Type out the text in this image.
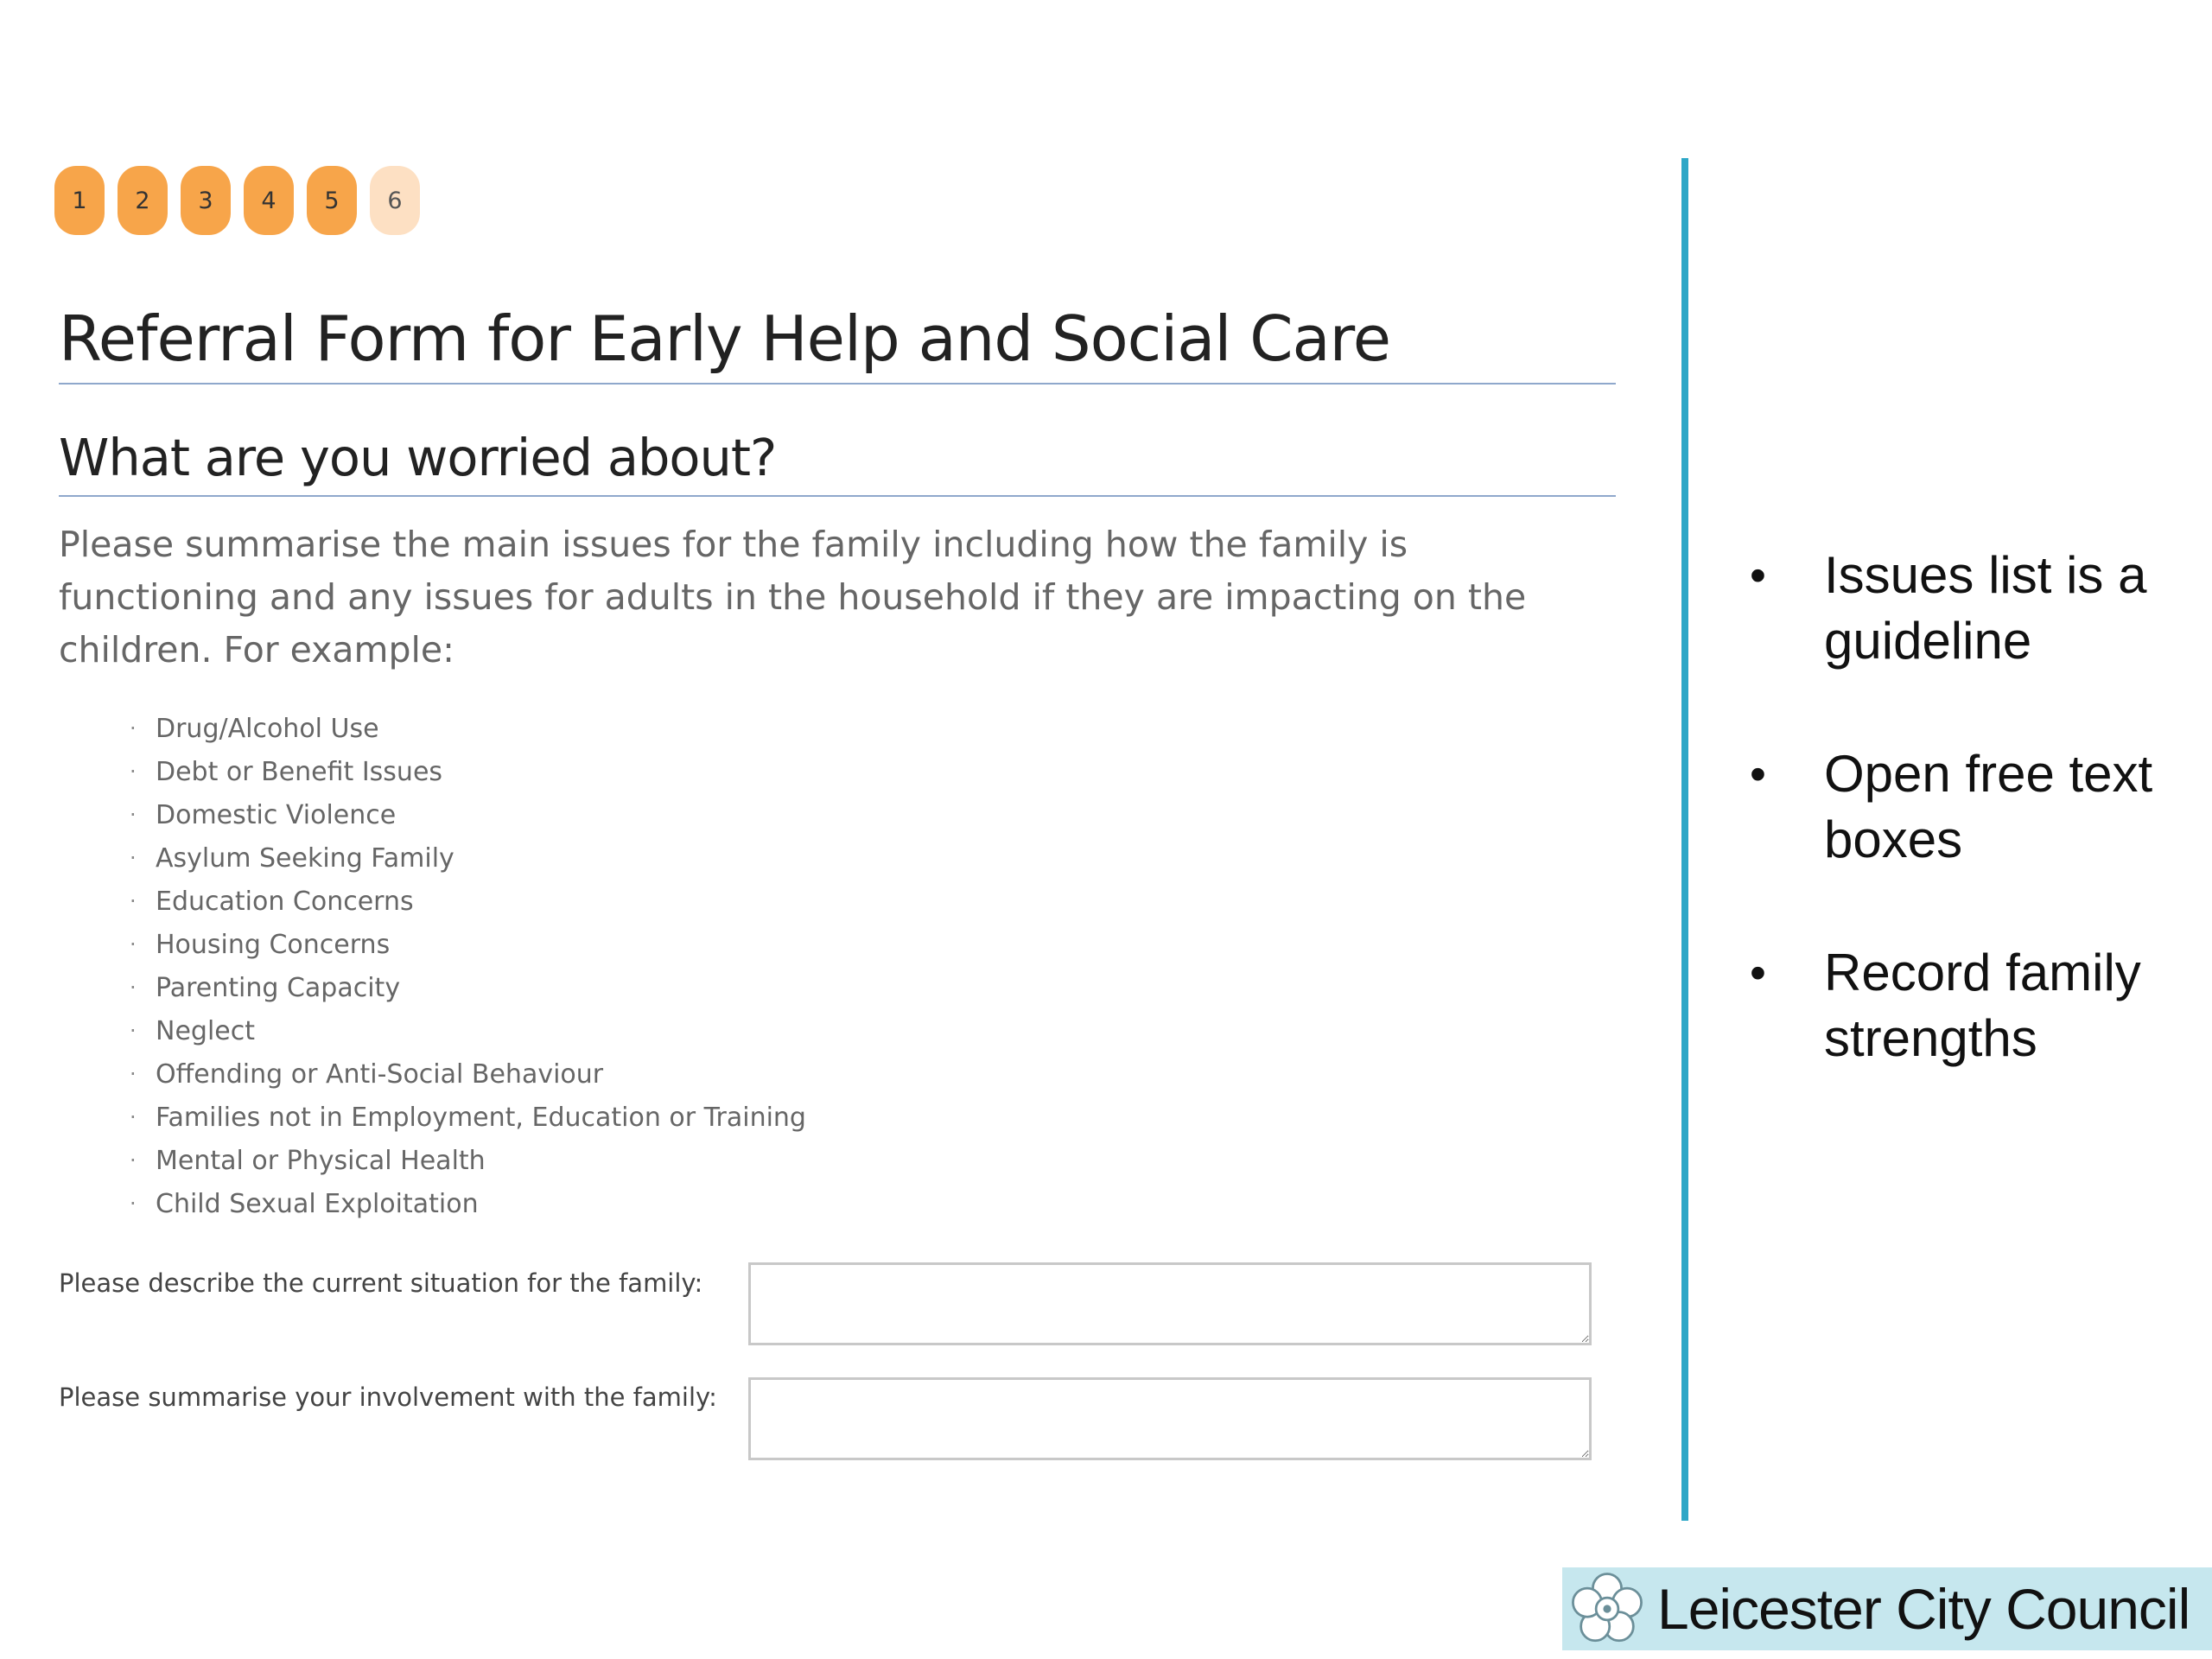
1	2	3	4	5	6
Referral Form for Early Help and Social Care
What are you worried about?
Please summarise the main issues for the family including how the family is functioning and any issues for adults in the household if they are impacting on the children. For example:
· Drug/Alcohol Use
· Debt or Benefit Issues
· Domestic Violence
· Asylum Seeking Family
· Education Concerns
· Housing Concerns
· Parenting Capacity
· Neglect
· Offending or Anti-Social Behaviour
· Families not in Employment, Education or Training
· Mental or Physical Health
· Child Sexual Exploitation
Please describe the current situation for the family:
Please summarise your involvement with the family:
• Issues list is a guideline
• Open free text boxes
• Record family strengths
Leicester City Council
